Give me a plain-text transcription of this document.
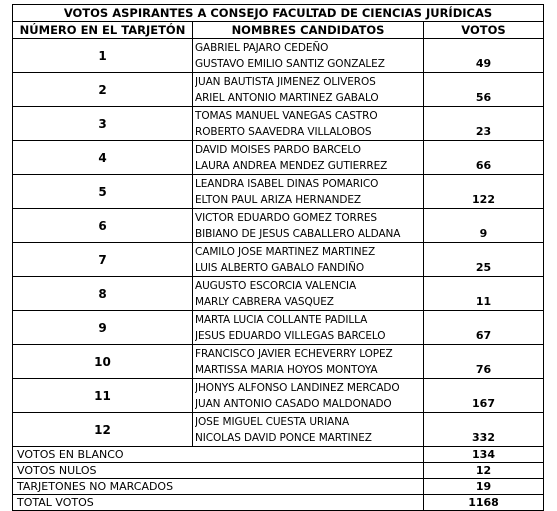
VOTOS ASPIRANTES A CONSEJO FACULTAD DE CIENCIAS JURÍDICAS		
NÚMERO EN EL TARJETÓN	NOMBRES CANDIDATOS	VOTOS
1	GABRIEL PAJARO CEDEÑO
GUSTAVO EMILIO SANTIZ GONZALEZ	49
2	JUAN BAUTISTA JIMENEZ OLIVEROS
ARIEL ANTONIO MARTINEZ GABALO	56
3	TOMAS MANUEL VANEGAS CASTRO
ROBERTO SAAVEDRA VILLALOBOS	23
4	DAVID MOISES PARDO BARCELO
LAURA ANDREA MENDEZ GUTIERREZ	66
5	LEANDRA ISABEL DINAS POMARICO
ELTON PAUL ARIZA HERNANDEZ	122
6	VICTOR EDUARDO GOMEZ TORRES
BIBIANO DE JESUS CABALLERO ALDANA	9
7	CAMILO JOSE MARTINEZ MARTINEZ
LUIS ALBERTO GABALO FANDIÑO	25
8	AUGUSTO ESCORCIA VALENCIA
MARLY CABRERA VASQUEZ	11
9	MARTA LUCIA COLLANTE PADILLA
JESUS EDUARDO VILLEGAS BARCELO	67
10	FRANCISCO JAVIER ECHEVERRY LOPEZ
MARTISSA MARIA HOYOS MONTOYA	76
11	JHONYS ALFONSO LANDINEZ MERCADO
JUAN ANTONIO CASADO MALDONADO	167
12	JOSE MIGUEL CUESTA URIANA
NICOLAS DAVID PONCE MARTINEZ	332
VOTOS EN BLANCO		134
VOTOS NULOS		12
TARJETONES NO MARCADOS		19
TOTAL VOTOS		1168
